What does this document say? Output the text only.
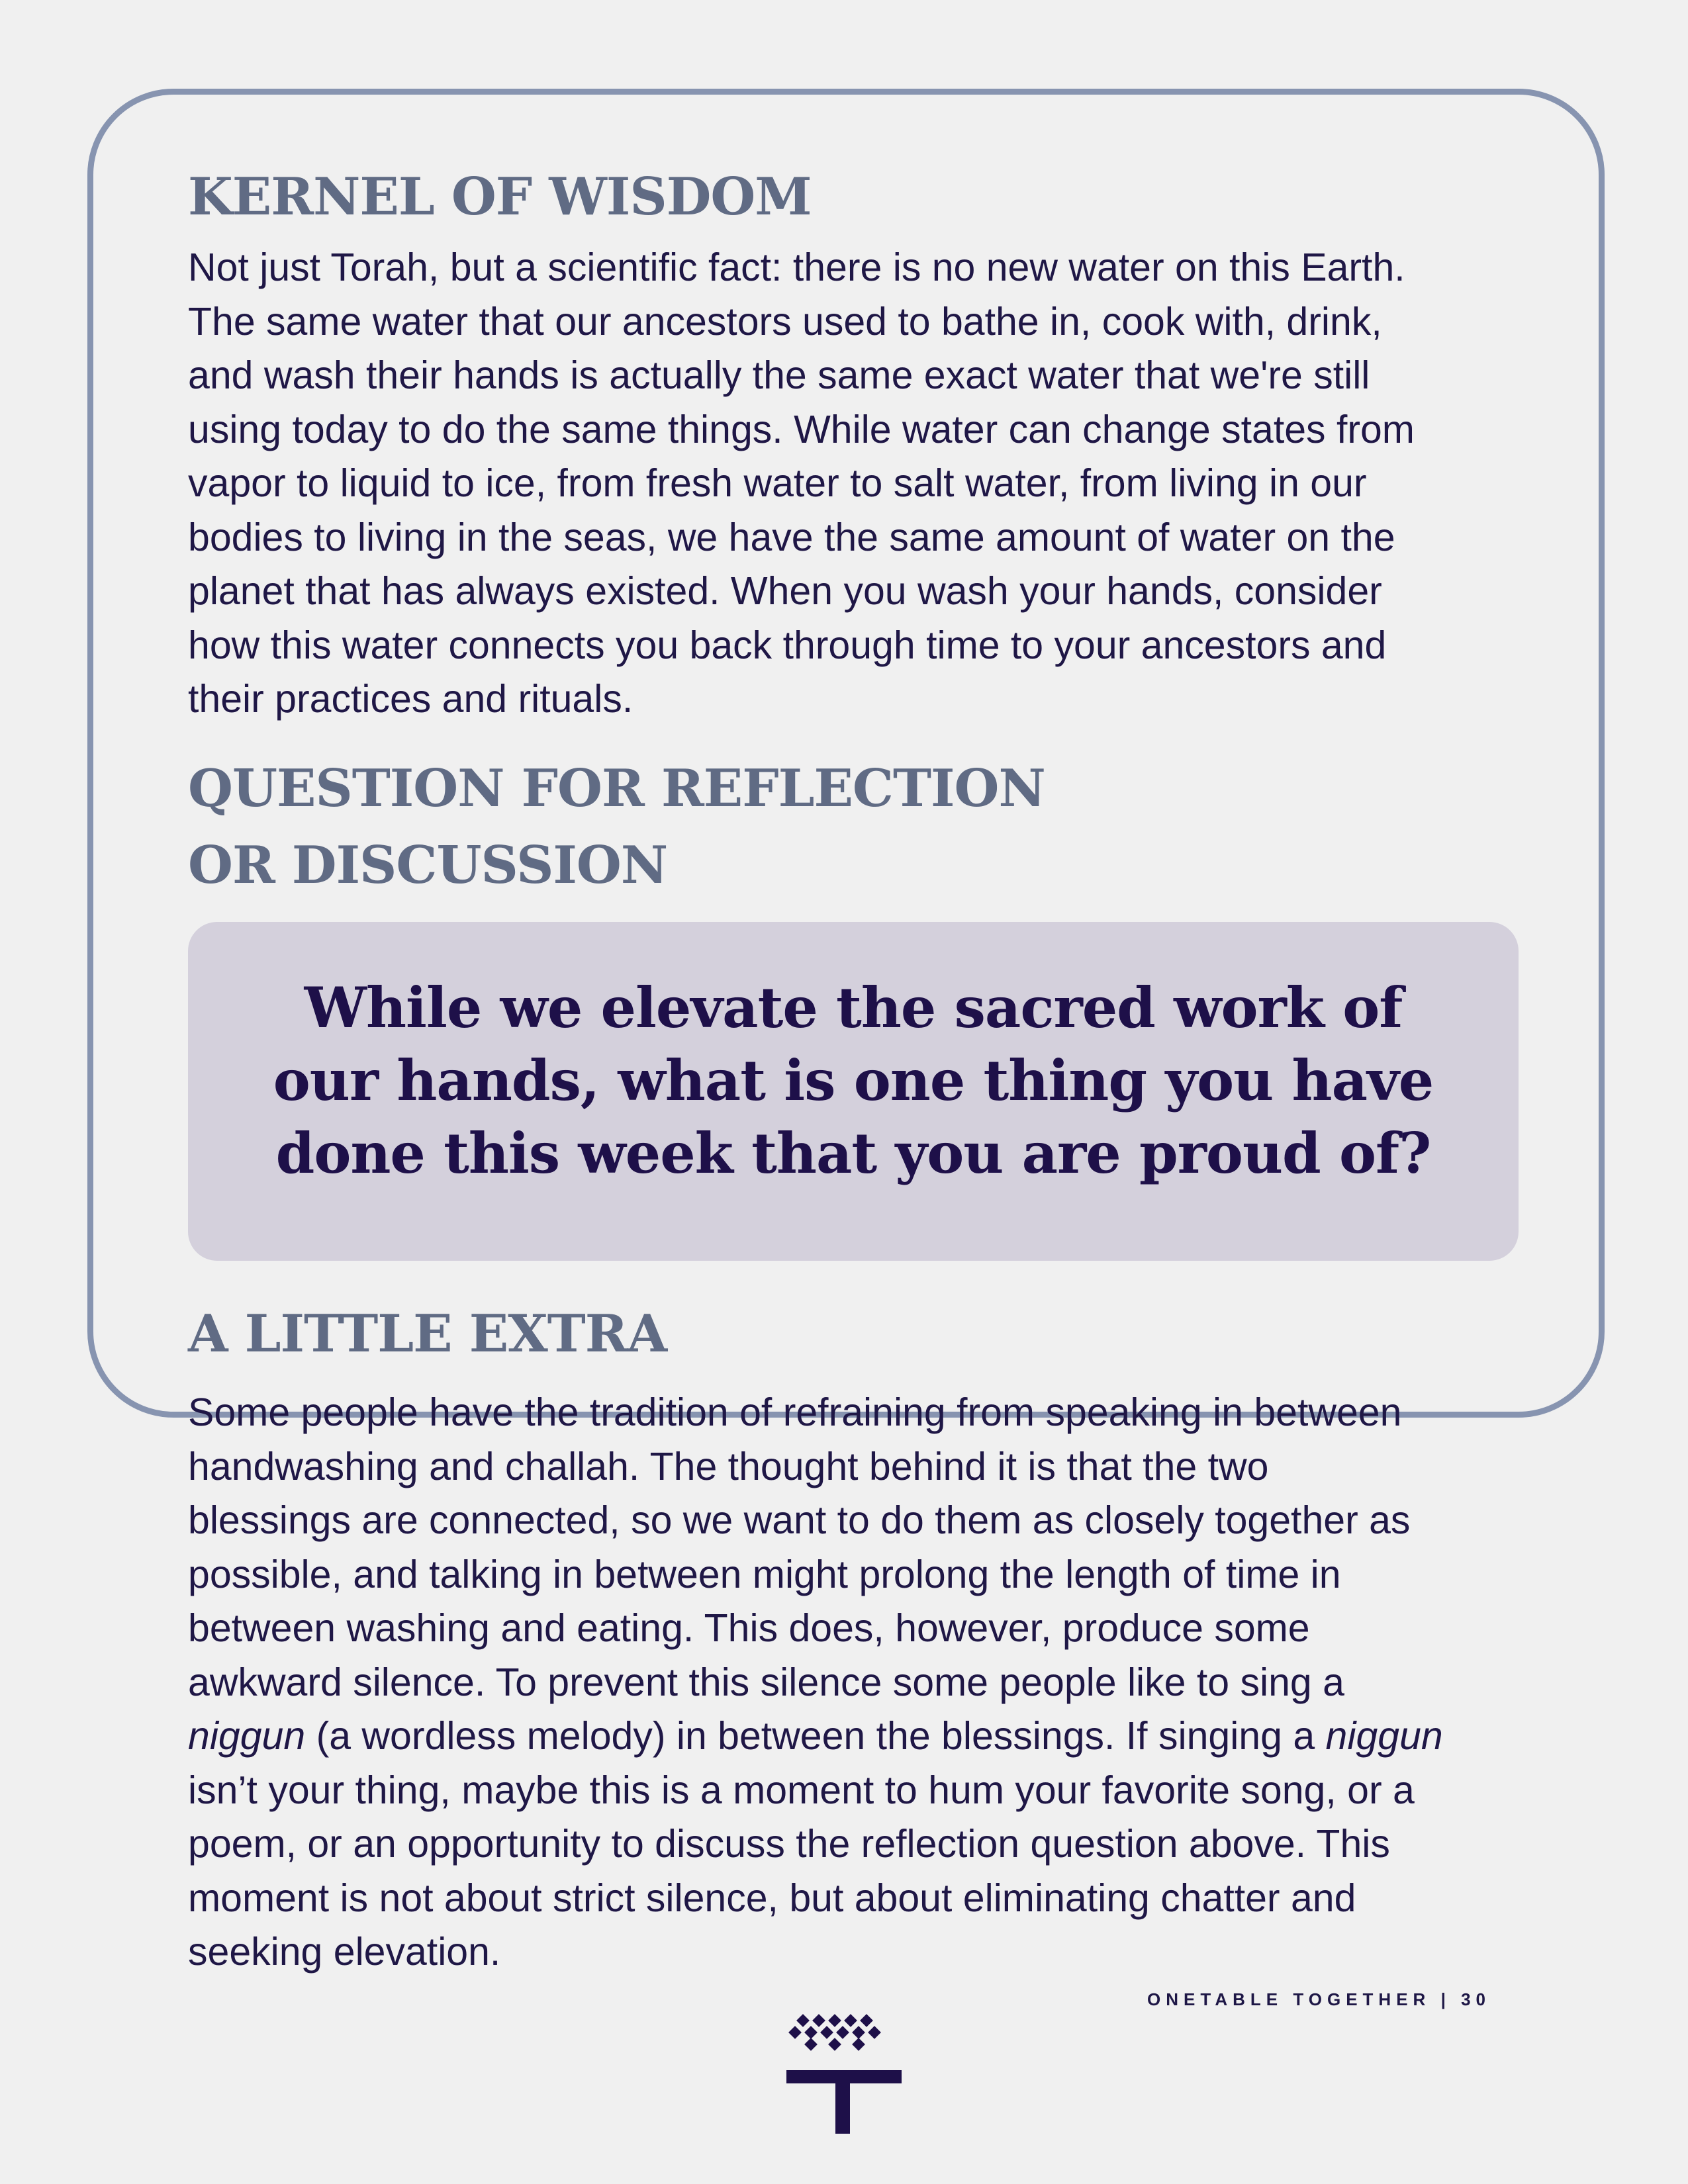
KERNEL OF WISDOM
Not just Torah, but a scientific fact: there is no new water on this Earth.
The same water that our ancestors used to bathe in, cook with, drink,
and wash their hands is actually the same exact water that we're still
using today to do the same things. While water can change states from
vapor to liquid to ice, from fresh water to salt water, from living in our
bodies to living in the seas, we have the same amount of water on the
planet that has always existed. When you wash your hands, consider
how this water connects you back through time to your ancestors and
their practices and rituals.
QUESTION FOR REFLECTION
OR DISCUSSION
A LITTLE EXTRA
Some people have the tradition of refraining from speaking in between
handwashing and challah. The thought behind it is that the two
blessings are connected, so we want to do them as closely together as
possible, and talking in between might prolong the length of time in
between washing and eating. This does, however, produce some
awkward silence. To prevent this silence some people like to sing a
niggun (a wordless melody) in between the blessings. If singing a niggun
isn’t your thing, maybe this is a moment to hum your favorite song, or a
poem, or an opportunity to discuss the reflection question above. This
moment is not about strict silence, but about eliminating chatter and
seeking elevation.

While we elevate the sacred work of
our hands, what is one thing you have
done this week that you are proud of?

ONETABLE TOGETHER | 30
